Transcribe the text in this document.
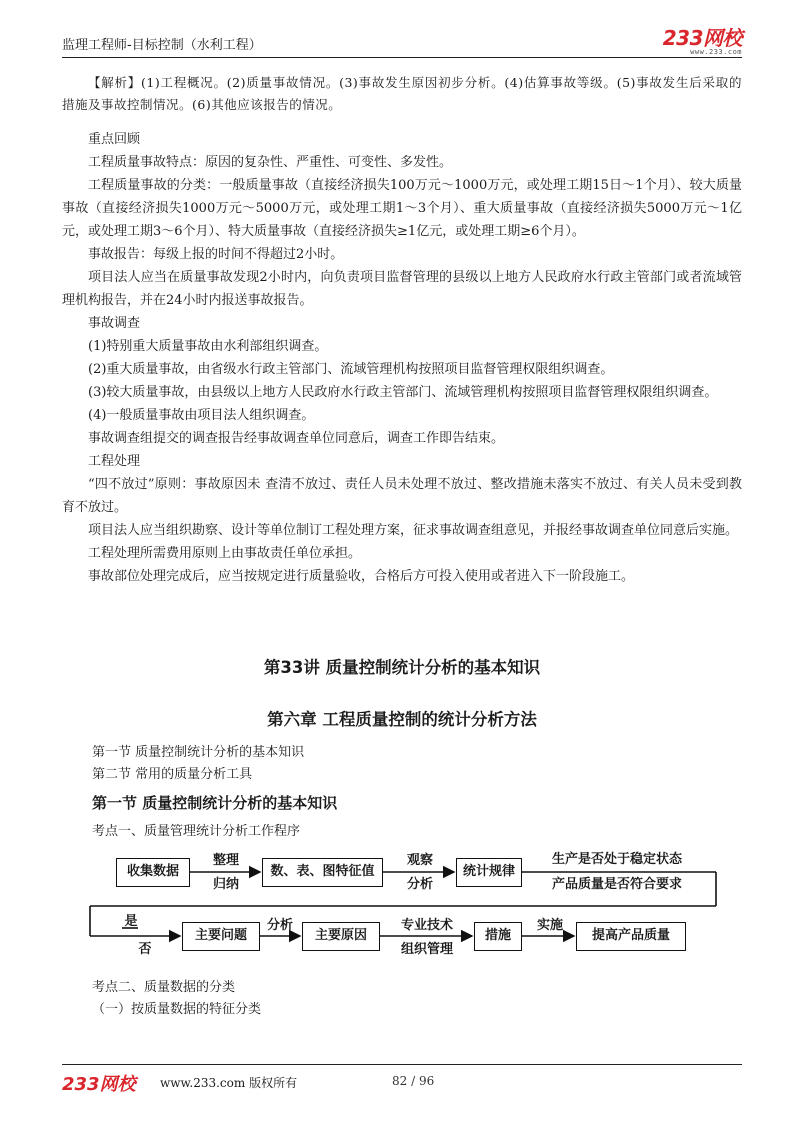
监理工程师-目标控制（水利工程）	233网校
www.233.com
【解析】(1)工程概况。(2)质量事故情况。(3)事故发生原因初步分析。(4)估算事故等级。(5)事故发生后采取的措施及事故控制情况。(6)其他应该报告的情况。
重点回顾
工程质量事故特点：原因的复杂性、严重性、可变性、多发性。
工程质量事故的分类：一般质量事故（直接经济损失100万元～1000万元，或处理工期15日～1个月）、较大质量事故（直接经济损失1000万元～5000万元，或处理工期1～3个月）、重大质量事故（直接经济损失5000万元～1亿元，或处理工期3～6个月）、特大质量事故（直接经济损失≥1亿元，或处理工期≥6个月）。
事故报告：每级上报的时间不得超过2小时。
项目法人应当在质量事故发现2小时内，向负责项目监督管理的县级以上地方人民政府水行政主管部门或者流域管理机构报告，并在24小时内报送事故报告。
事故调查
(1)特别重大质量事故由水利部组织调查。
(2)重大质量事故，由省级水行政主管部门、流域管理机构按照项目监督管理权限组织调查。
(3)较大质量事故，由县级以上地方人民政府水行政主管部门、流域管理机构按照项目监督管理权限组织调查。
(4)一般质量事故由项目法人组织调查。
事故调查组提交的调查报告经事故调查单位同意后，调查工作即告结束。
工程处理
“四不放过”原则：事故原因未 查清不放过、责任人员未处理不放过、整改措施未落实不放过、有关人员未受到教育不放过。
项目法人应当组织勘察、设计等单位制订工程处理方案，征求事故调查组意见，并报经事故调查单位同意后实施。
工程处理所需费用原则上由事故责任单位承担。
事故部位处理完成后，应当按规定进行质量验收，合格后方可投入使用或者进入下一阶段施工。
第33讲 质量控制统计分析的基本知识
第六章 工程质量控制的统计分析方法
第一节 质量控制统计分析的基本知识
第二节 常用的质量分析工具
第一节 质量控制统计分析的基本知识
考点一、质量管理统计分析工作程序
收集数据
整理
归纳
数、表、图特征值
观察
分析
统计规律
生产是否处于稳定状态
产品质量是否符合要求
是
否
主要问题
分析
主要原因
专业技术
组织管理
措施
实施
提高产品质量
考点二、质量数据的分类
（一）按质量数据的特征分类
233网校 www.233.com 版权所有	82 / 96
